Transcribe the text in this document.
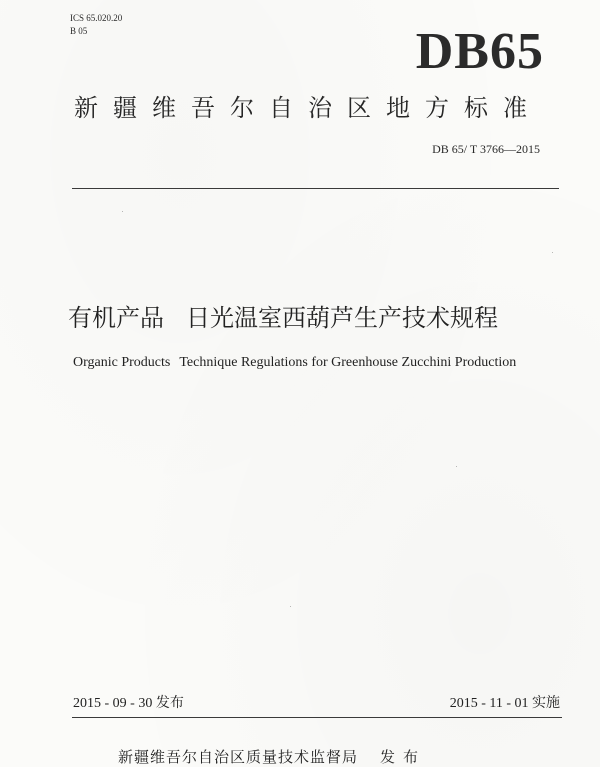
ICS 65.020.20
B 05	DB65
新疆维吾尔自治区地方标准
DB 65/ T 3766—2015
有机产品 日光温室西葫芦生产技术规程
Organic Products Technique Regulations for Greenhouse Zucchini Production
2015 - 09 - 30 发布	2015 - 11 - 01 实施
新疆维吾尔自治区质量技术监督局 发布
